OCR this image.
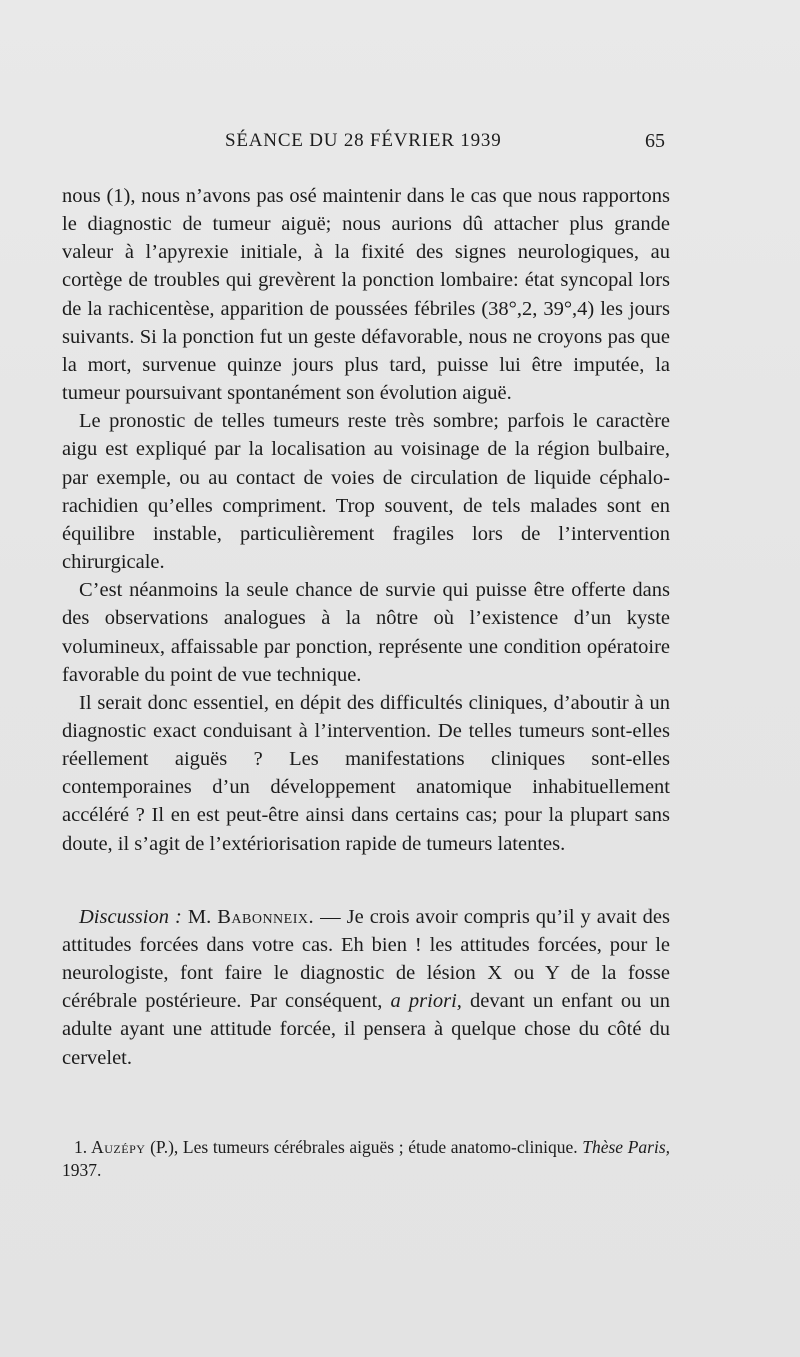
SÉANCE DU 28 FÉVRIER 1939	65

nous (1), nous n’avons pas osé maintenir dans le cas que nous rapportons le diagnostic de tumeur aiguë; nous aurions dû attacher plus grande valeur à l’apyrexie initiale, à la fixité des signes neurologiques, au cortège de troubles qui grevèrent la ponction lombaire: état syncopal lors de la rachicentèse, apparition de poussées fébriles (38°,2, 39°,4) les jours suivants. Si la ponction fut un geste défavorable, nous ne croyons pas que la mort, survenue quinze jours plus tard, puisse lui être imputée, la tumeur poursuivant spontanément son évolution aiguë.

Le pronostic de telles tumeurs reste très sombre; parfois le caractère aigu est expliqué par la localisation au voisinage de la région bulbaire, par exemple, ou au contact de voies de circulation de liquide céphalo-rachidien qu’elles compriment. Trop souvent, de tels malades sont en équilibre instable, particulièrement fragiles lors de l’intervention chirurgicale.

C’est néanmoins la seule chance de survie qui puisse être offerte dans des observations analogues à la nôtre où l’existence d’un kyste volumineux, affaissable par ponction, représente une condition opératoire favorable du point de vue technique.

Il serait donc essentiel, en dépit des difficultés cliniques, d’aboutir à un diagnostic exact conduisant à l’intervention. De telles tumeurs sont-elles réellement aiguës ? Les manifestations cliniques sont-elles contemporaines d’un développement anatomique inhabituellement accéléré ? Il en est peut-être ainsi dans certains cas; pour la plupart sans doute, il s’agit de l’extériorisation rapide de tumeurs latentes.

Discussion : M. Babonneix. — Je crois avoir compris qu’il y avait des attitudes forcées dans votre cas. Eh bien ! les attitudes forcées, pour le neurologiste, font faire le diagnostic de lésion X ou Y de la fosse cérébrale postérieure. Par conséquent, a priori, devant un enfant ou un adulte ayant une attitude forcée, il pensera à quelque chose du côté du cervelet.

1. Auzépy (P.), Les tumeurs cérébrales aiguës ; étude anatomo-clinique. Thèse Paris, 1937.
